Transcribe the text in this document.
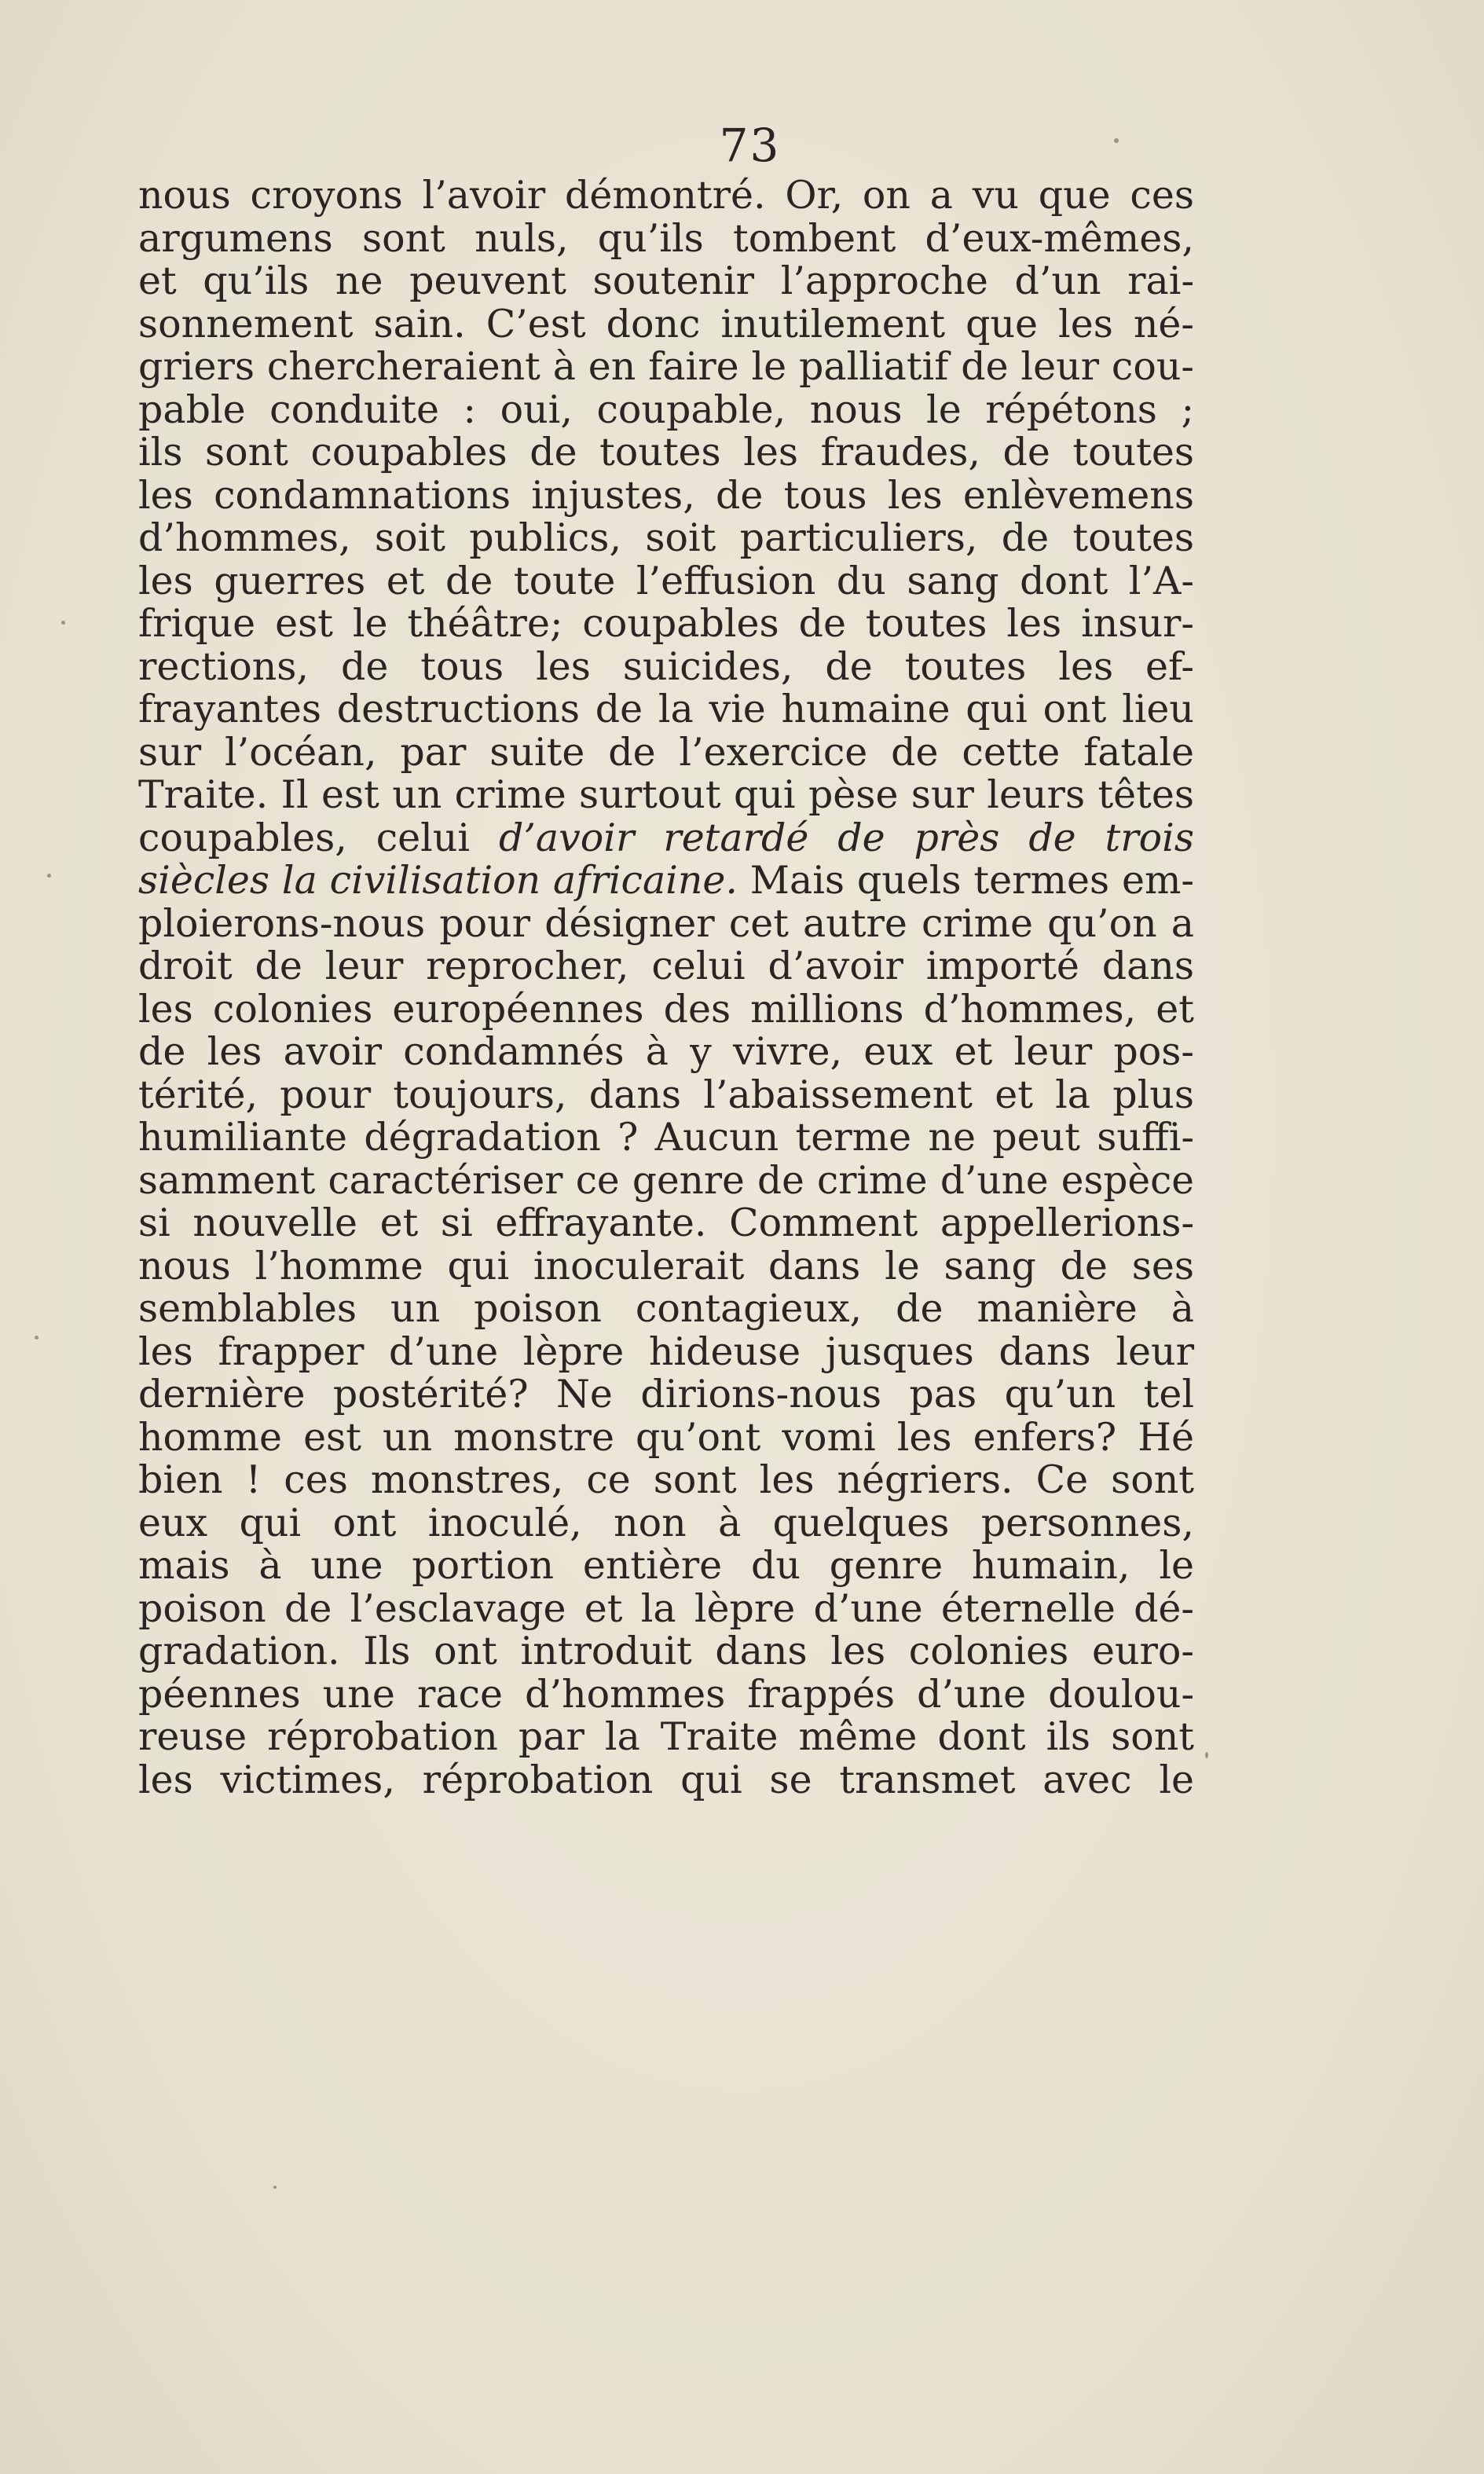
73
nous croyons l’avoir démontré. Or, on a vu que ces
argumens sont nuls, qu’ils tombent d’eux-mêmes,
et qu’ils ne peuvent soutenir l’approche d’un rai-
sonnement sain. C’est donc inutilement que les né-
griers chercheraient à en faire le palliatif de leur cou-
pable conduite : oui, coupable, nous le répétons ;
ils sont coupables de toutes les fraudes, de toutes
les condamnations injustes, de tous les enlèvemens
d’hommes, soit publics, soit particuliers, de toutes
les guerres et de toute l’effusion du sang dont l’A-
frique est le théâtre; coupables de toutes les insur-
rections, de tous les suicides, de toutes les ef-
frayantes destructions de la vie humaine qui ont lieu
sur l’océan, par suite de l’exercice de cette fatale
Traite. Il est un crime surtout qui pèse sur leurs têtes
coupables, celui d’avoir retardé de près de trois
siècles la civilisation africaine. Mais quels termes em-
ploierons-nous pour désigner cet autre crime qu’on a
droit de leur reprocher, celui d’avoir importé dans
les colonies européennes des millions d’hommes, et
de les avoir condamnés à y vivre, eux et leur pos-
térité, pour toujours, dans l’abaissement et la plus
humiliante dégradation ? Aucun terme ne peut suffi-
samment caractériser ce genre de crime d’une espèce
si nouvelle et si effrayante. Comment appellerions-
nous l’homme qui inoculerait dans le sang de ses
semblables un poison contagieux, de manière à
les frapper d’une lèpre hideuse jusques dans leur
dernière postérité? Ne dirions-nous pas qu’un tel
homme est un monstre qu’ont vomi les enfers? Hé
bien ! ces monstres, ce sont les négriers. Ce sont
eux qui ont inoculé, non à quelques personnes,
mais à une portion entière du genre humain, le
poison de l’esclavage et la lèpre d’une éternelle dé-
gradation. Ils ont introduit dans les colonies euro-
péennes une race d’hommes frappés d’une doulou-
reuse réprobation par la Traite même dont ils sont
les victimes, réprobation qui se transmet avec le
